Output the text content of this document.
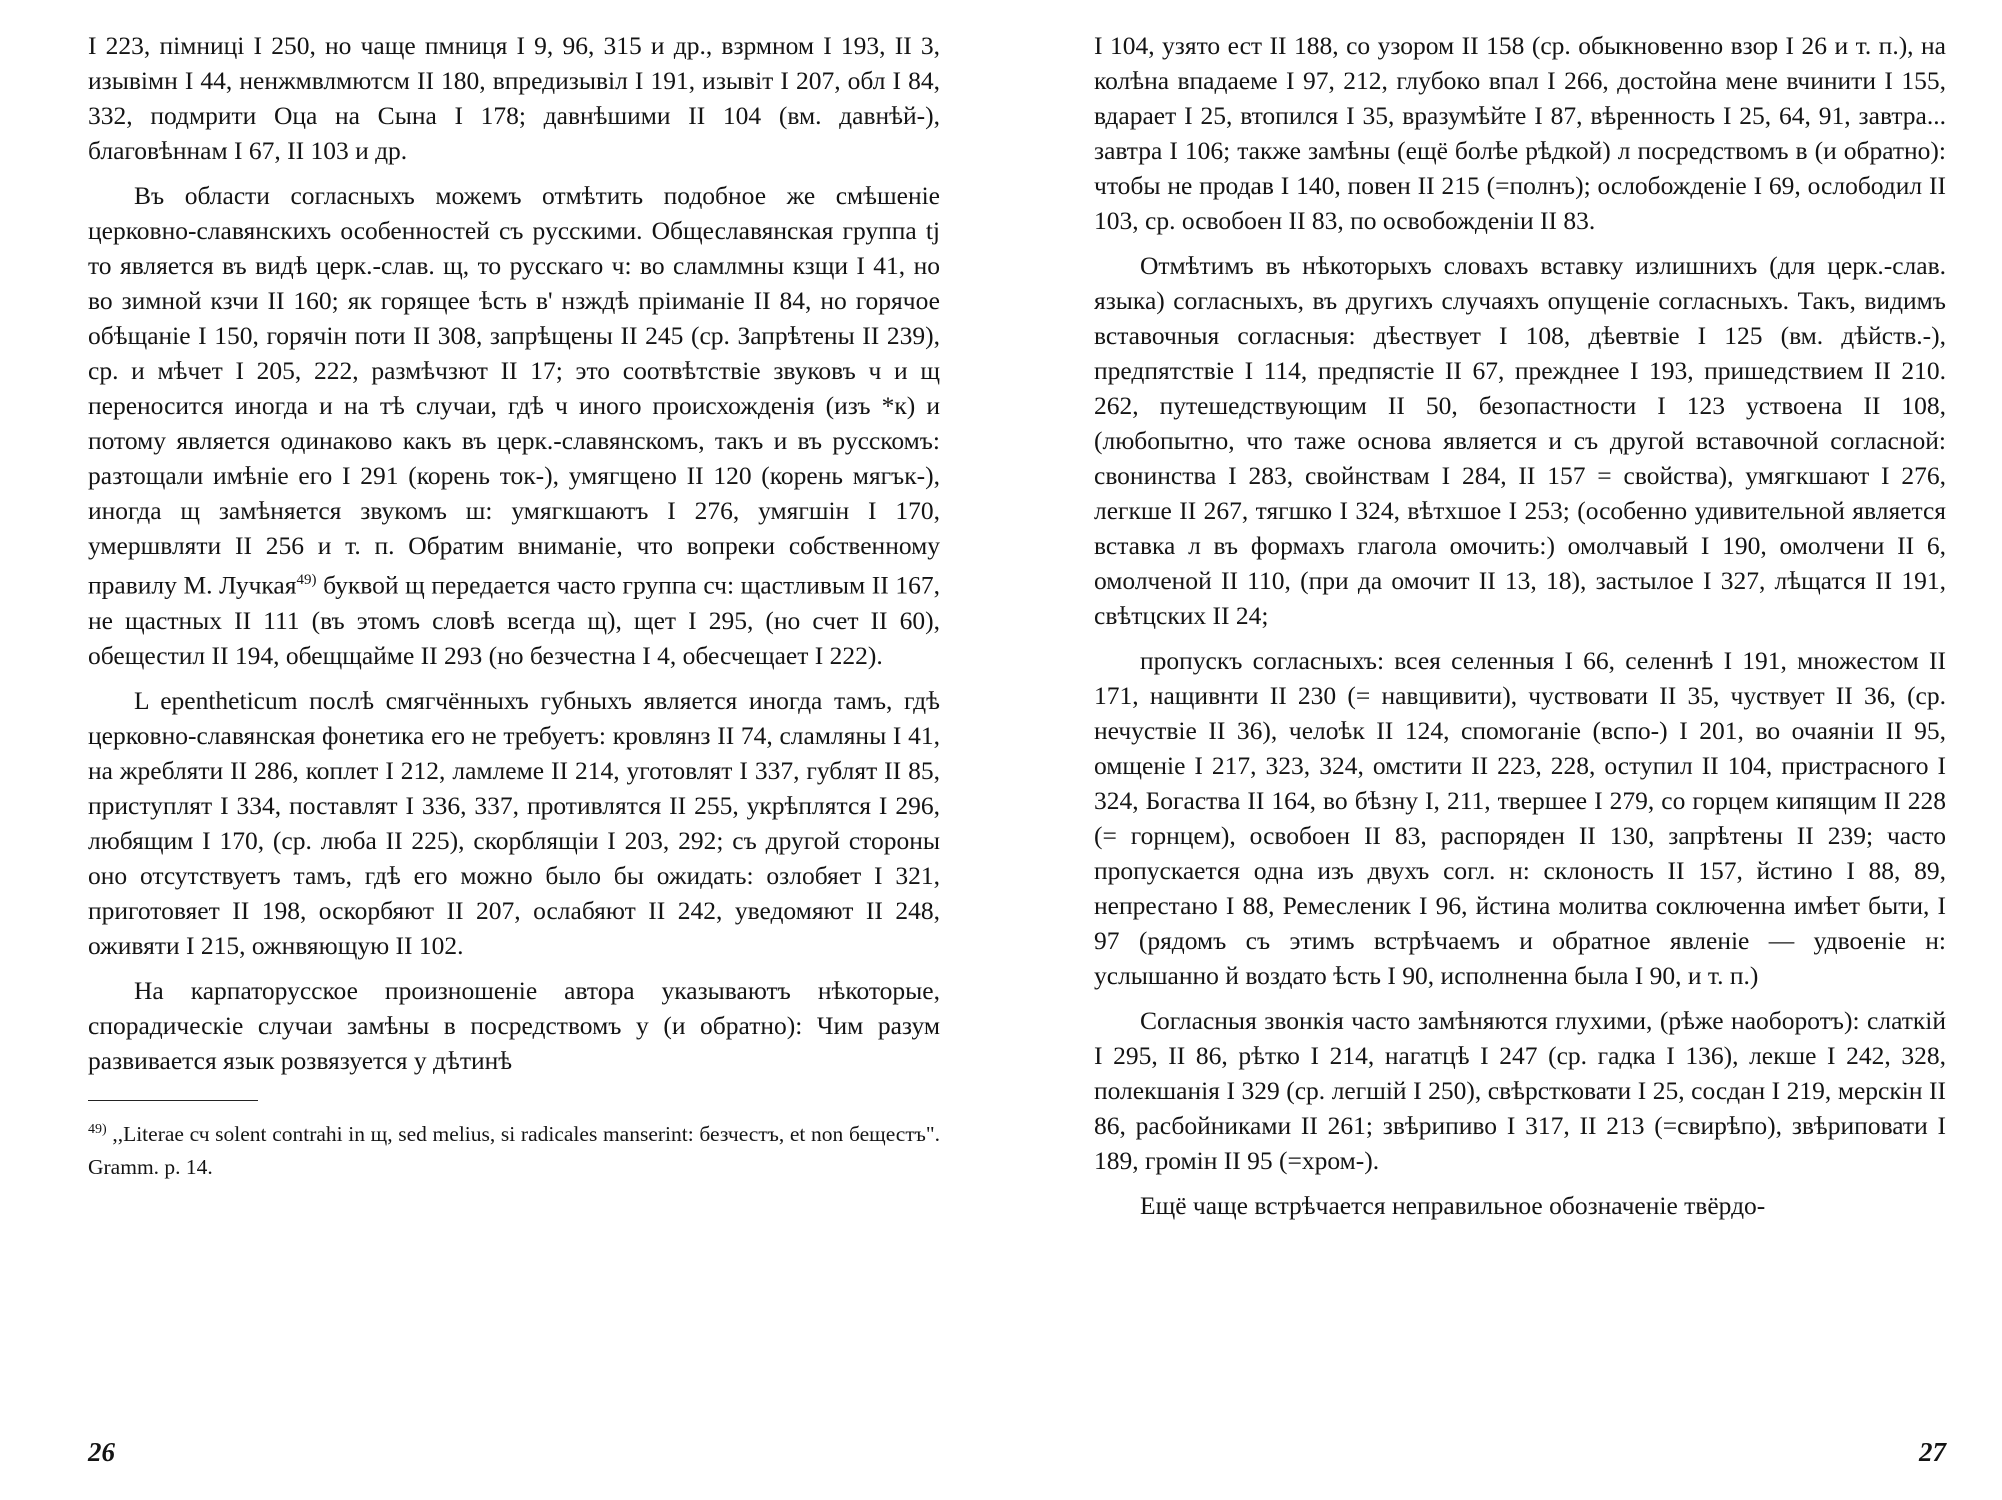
I 223, пімниці I 250, но чаще пмниця I 9, 96, 315 и др., взрмном I 193, II 3, изывімн I 44, ненжмвлмютсм II 180, впредизывіл I 191, изывіт I 207, обл I 84, 332, подмрити Оца на Сына I 178; давнѣшими II 104 (вм. давнѣй-), благовѣннам I 67, II 103 и др.

Въ области согласныхъ можемъ отмѣтить подобное же смѣшеніе церковно-славянскихъ особенностей съ русскими. Общеславянская группа tj то является въ видѣ церк.-слав. щ, то русскаго ч: во сламлмны кзщи I 41, но во зимной кзчи II 160; як горящее ѣсть в' нзждѣ пріиманіе II 84, но горячое обѣщаніе I 150, горячін поти II 308, запрѣщены II 245 (ср. Запрѣтены II 239), ср. и мѣчет I 205, 222, размѣчзют II 17; это соотвѣтствіе звуковъ ч и щ переносится иногда и на тѣ случаи, гдѣ ч иного происхожденія (изъ *к) и потому является одинаково какъ въ церк.-славянскомъ, такъ и въ русскомъ: разтощали имѣніе его I 291 (корень ток-), умягщено II 120 (корень мягък-), иногда щ замѣняется звукомъ ш: умягкшаютъ I 276, умягшін I 170, умершвляти II 256 и т. п. Обратим вниманіе, что вопреки собственному правилу М. Лучкая$^{49)}$ буквой щ передается часто группа сч: щастливым II 167, не щастных II 111 (въ этомъ словѣ всегда щ), щет I 295, (но счет II 60), обещестил II 194, обещщайме II 293 (но безчестна I 4, обесчещает I 222).

L epentheticum послѣ смягчённыхъ губныхъ является иногда тамъ, гдѣ церковно-славянская фонетика его не требуетъ: кровлянз II 74, сламляны I 41, на жребляти II 286, коплет I 212, ламлеме II 214, уготовлят I 337, гублят II 85, приступлят I 334, поставлят I 336, 337, противлятся II 255, укрѣплятся I 296, любящим I 170, (ср. люба II 225), скорблящіи I 203, 292; съ другой стороны оно отсутствуетъ тамъ, гдѣ его можно было бы ожидать: озлобяет I 321, приготовяет II 198, оскорбяют II 207, ослабяют II 242, уведомяют II 248, оживяти I 215, ожнвяющую II 102.

На карпаторусское произношеніе автора указываютъ нѣкоторые, спорадическіе случаи замѣны в посредствомъ у (и обратно): Чим разум развивается язык розвязуется у дѣтинѣ

$^{49)}$ ,,Literae сч solent contrahi in щ, sed melius, si radicales manserint: безчестъ, et non бещестъ". Gramm. p. 14.

26

I 104, узято ест II 188, со узором II 158 (ср. обыкновенно взор I 26 и т. п.), на колѣна впадаеме I 97, 212, глубоко впал I 266, достойна мене вчинити I 155, вдарает I 25, втопился I 35, вразумѣйте I 87, вѣренность I 25, 64, 91, завтра... завтра I 106; также замѣны (ещё болѣе рѣдкой) л посредствомъ в (и обратно): чтобы не продав I 140, повен II 215 (=полнъ); ослобожденіе I 69, ослободил II 103, ср. освобоен II 83, по освобожденіи II 83.

Отмѣтимъ въ нѣкоторыхъ словахъ вставку излишнихъ (для церк.-слав. языка) согласныхъ, въ другихъ случаяхъ опущеніе согласныхъ. Такъ, видимъ вставочныя согласныя: дѣествует I 108, дѣевтвіе I 125 (вм. дѣйств.-), предпятствіе I 114, предпястіе II 67, прежднее I 193, пришедствием II 210. 262, путешедствующим II 50, безопастности I 123 уствоена II 108, (любопытно, что таже основа является и съ другой вставочной согласной: свонинства I 283, свойнствам I 284, II 157 = свойства), умягкшают I 276, легкше II 267, тягшко I 324, вѣтхшое I 253; (особенно удивительной является вставка л въ формахъ глагола омочить:) омолчавый I 190, омолчени II 6, омолченой II 110, (при да омочит II 13, 18), застылое I 327, лѣщатся II 191, свѣтцских II 24;

пропускъ согласныхъ: всея селенныя I 66, селеннѣ I 191, множестом II 171, нащивнти II 230 (= навщивити), чуствовати II 35, чуствует II 36, (ср. нечуствіе II 36), челоѣк II 124, спомоганіе (вспо-) I 201, во очаяніи II 95, омщеніе I 217, 323, 324, омстити II 223, 228, оступил II 104, пристрасного I 324, Богаства II 164, во бѣзну I, 211, твершее I 279, со горцем кипящим II 228 (= горнцем), освобоен II 83, распоряден II 130, запрѣтены II 239; часто пропускается одна изъ двухъ согл. н: склоность II 157, йстино I 88, 89, непрестано I 88, Ремесленик I 96, йстина молитва соключенна имѣет быти, I 97 (рядомъ съ этимъ встрѣчаемъ и обратное явленіе — удвоеніе н: услышанно й воздато ѣсть I 90, исполненна была I 90, и т. п.)

Согласныя звонкія часто замѣняются глухими, (рѣже наоборотъ): слаткій I 295, II 86, рѣтко I 214, нагатцѣ I 247 (ср. гадка I 136), лекше I 242, 328, полекшанія I 329 (ср. легшій I 250), свѣрстковати I 25, сосдан I 219, мерскін II 86, расбойниками II 261; звѣрипиво I 317, II 213 (=свирѣпо), звѣриповати I 189, громін II 95 (=хром-).

Ещё чаще встрѣчается неправильное обозначеніе твёрдо-

27
